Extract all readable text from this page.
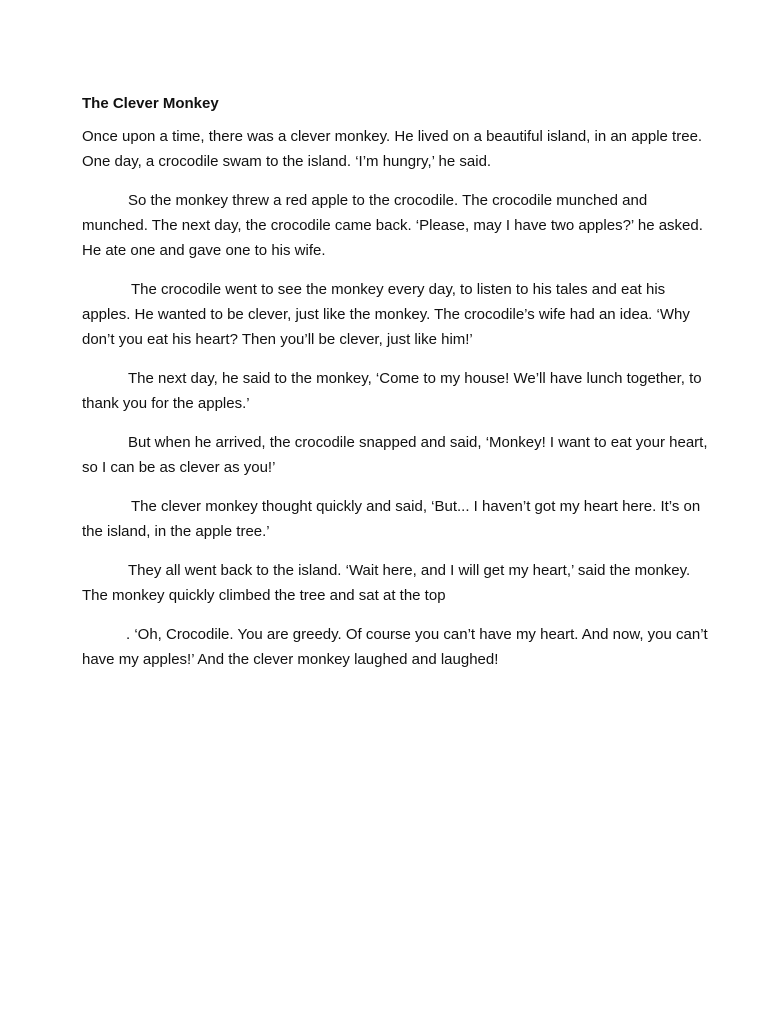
The Clever Monkey

Once upon a time, there was a clever monkey. He lived on a beautiful island, in an apple tree. One day, a crocodile swam to the island. ‘I’m hungry,’ he said.

So the monkey threw a red apple to the crocodile. The crocodile munched and munched. The next day, the crocodile came back. ‘Please, may I have two apples?’ he asked. He ate one and gave one to his wife.

The crocodile went to see the monkey every day, to listen to his tales and eat his apples. He wanted to be clever, just like the monkey. The crocodile’s wife had an idea. ‘Why don’t you eat his heart? Then you’ll be clever, just like him!’

The next day, he said to the monkey, ‘Come to my house! We’ll have lunch together, to thank you for the apples.’

But when he arrived, the crocodile snapped and said, ‘Monkey! I want to eat your heart, so I can be as clever as you!’

The clever monkey thought quickly and said, ‘But... I haven’t got my heart here. It’s on the island, in the apple tree.’

They all went back to the island. ‘Wait here, and I will get my heart,’ said the monkey. The monkey quickly climbed the tree and sat at the top

. ‘Oh, Crocodile. You are greedy. Of course you can’t have my heart. And now, you can’t have my apples!’ And the clever monkey laughed and laughed!
